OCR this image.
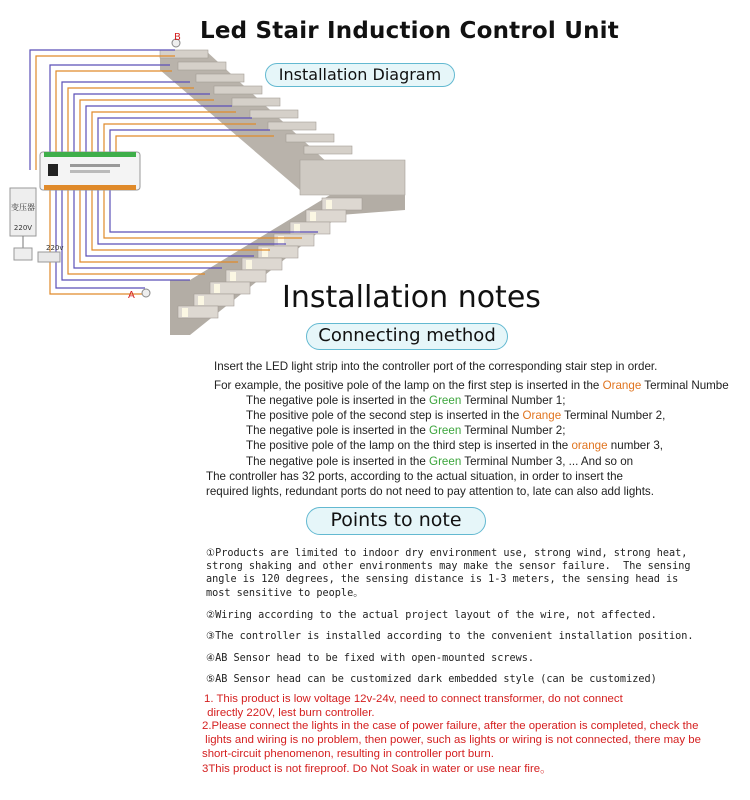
Led Stair Induction Control Unit
Installation Diagram
变压器
220V
220v
B
A	Installation notes
Connecting method
Insert the LED light strip into the controller port of the corresponding stair step in order.
For example, the positive pole of the lamp on the first step is inserted in the Orange Terminal Numbe
The negative pole is inserted in the Green Terminal Number 1;
The positive pole of the second step is inserted in the Orange Terminal Number 2,
The negative pole is inserted in the Green Terminal Number 2;
The positive pole of the lamp on the third step is inserted in the orange number 3,
The negative pole is inserted in the Green Terminal Number 3, ... And so on
The controller has 32 ports, according to the actual situation, in order to insert the
required lights, redundant ports do not need to pay attention to, late can also add lights.
Points to note
①Products are limited to indoor dry environment use, strong wind, strong heat,
strong shaking and other environments may make the sensor failure.  The sensing
angle is 120 degrees, the sensing distance is 1-3 meters, the sensing head is
most sensitive to people。
②Wiring according to the actual project layout of the wire, not affected.
③The controller is installed according to the convenient installation position.
④AB Sensor head to be fixed with open-mounted screws.
⑤AB Sensor head can be customized dark embedded style (can be customized)
1. This product is low voltage 12v-24v, need to connect transformer, do not connect
directly 220V, lest burn controller.
2.Please connect the lights in the case of power failure, after the operation is completed, check the
lights and wiring is no problem, then power, such as lights or wiring is not connected, there may be
short-circuit phenomenon, resulting in controller port burn.
3This product is not fireproof. Do Not Soak in water or use near fire。
